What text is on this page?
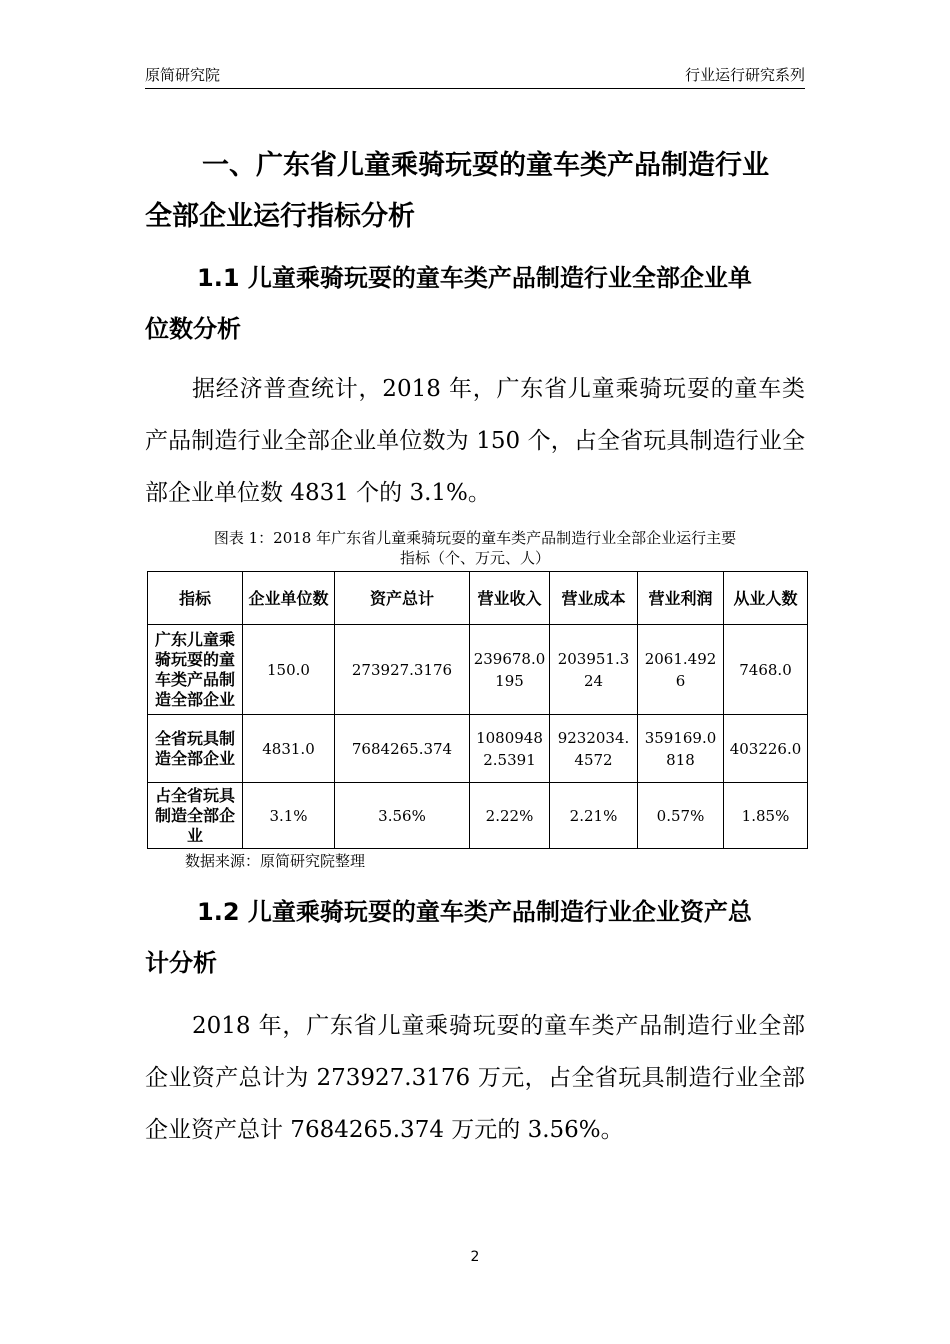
原简研究院	行业运行研究系列
一、广东省儿童乘骑玩耍的童车类产品制造行业
全部企业运行指标分析
1.1 儿童乘骑玩耍的童车类产品制造行业全部企业单
位数分析
据经济普查统计，2018 年，广东省儿童乘骑玩耍的童车类产品制造行业全部企业单位数为 150 个，占全省玩具制造行业全部企业单位数 4831 个的 3.1%。
图表 1：2018 年广东省儿童乘骑玩耍的童车类产品制造行业全部企业运行主要
指标（个、万元、人）
指标	企业单位数	资产总计	营业收入	营业成本	营业利润	从业人数
广东儿童乘骑玩耍的童车类产品制造全部企业	150.0	273927.3176	239678.0195	203951.324	2061.4926	7468.0
全省玩具制造全部企业	4831.0	7684265.374	10809482.5391	9232034.4572	359169.0818	403226.0
占全省玩具制造全部企业	3.1%	3.56%	2.22%	2.21%	0.57%	1.85%
数据来源：原简研究院整理
1.2 儿童乘骑玩耍的童车类产品制造行业企业资产总
计分析
2018 年，广东省儿童乘骑玩耍的童车类产品制造行业全部企业资产总计为 273927.3176 万元，占全省玩具制造行业全部企业资产总计 7684265.374 万元的 3.56%。
2
